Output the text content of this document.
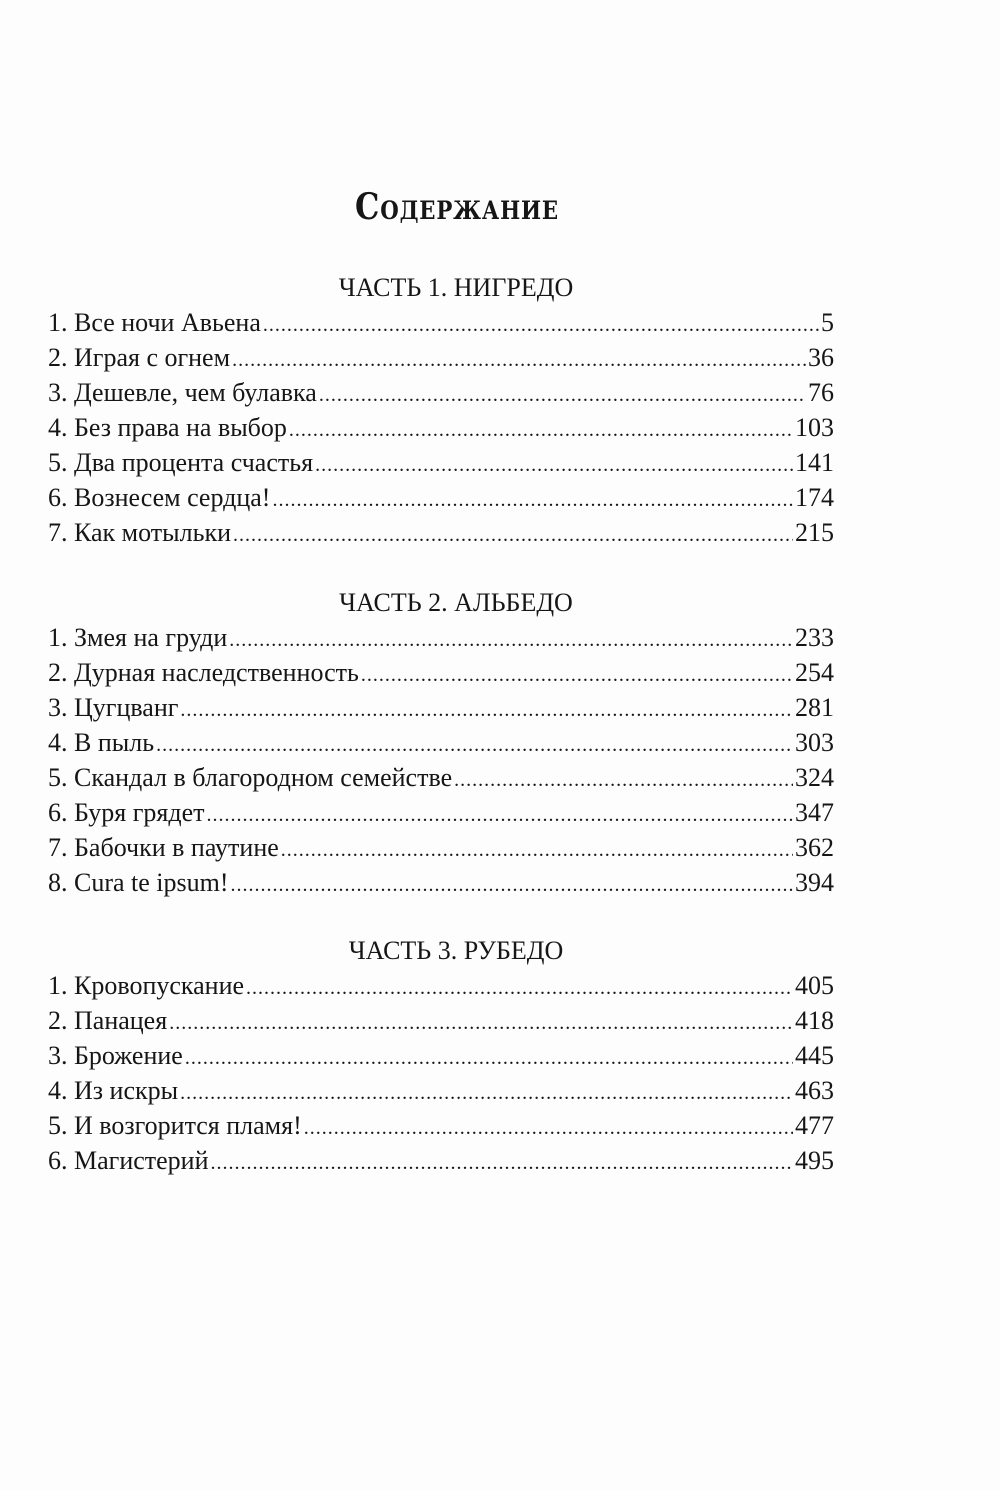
Содержание
ЧАСТЬ 1. НИГРЕДО
1. Все ночи Авьена .....	5
2. Играя с огнем .....	36
3. Дешевле, чем булавка .....	76
4. Без права на выбор .....	103
5. Два процента счастья .....	141
6. Вознесем сердца! .....	174
7. Как мотыльки .....	215
ЧАСТЬ 2. АЛЬБЕДО
1. Змея на груди .....	233
2. Дурная наследственность .....	254
3. Цугцванг .....	281
4. В пыль .....	303
5. Скандал в благородном семействе .....	324
6. Буря грядет .....	347
7. Бабочки в паутине .....	362
8. Cura te ipsum! .....	394
ЧАСТЬ 3. РУБЕДО
1. Кровопускание .....	405
2. Панацея .....	418
3. Брожение .....	445
4. Из искры .....	463
5. И возгорится пламя! .....	477
6. Магистерий .....	495
